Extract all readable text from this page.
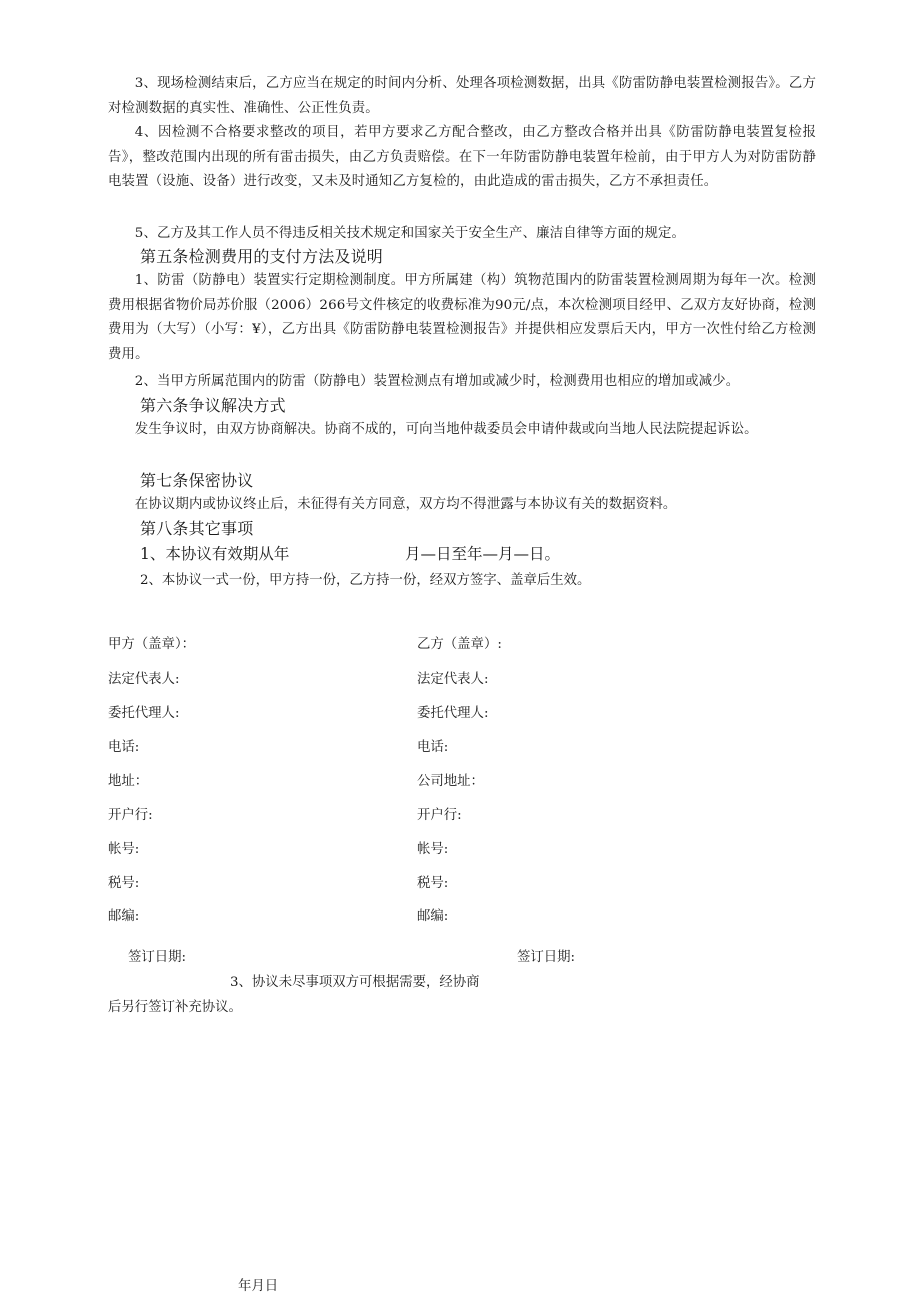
3、现场检测结束后，乙方应当在规定的时间内分析、处理各项检测数据，出具《防雷防静电装置检测报告》。乙方对检测数据的真实性、准确性、公正性负责。

4、因检测不合格要求整改的项目，若甲方要求乙方配合整改，由乙方整改合格并出具《防雷防静电装置复检报告》，整改范围内出现的所有雷击损失，由乙方负责赔偿。在下一年防雷防静电装置年检前，由于甲方人为对防雷防静电装置（设施、设备）进行改变，又未及时通知乙方复检的，由此造成的雷击损失，乙方不承担责任。

5、乙方及其工作人员不得违反相关技术规定和国家关于安全生产、廉洁自律等方面的规定。

第五条检测费用的支付方法及说明

1、防雷（防静电）装置实行定期检测制度。甲方所属建（构）筑物范围内的防雷装置检测周期为每年一次。检测费用根据省物价局苏价服（2006）266号文件核定的收费标准为90元/点，本次检测项目经甲、乙双方友好协商，检测费用为（大写）（小写：¥），乙方出具《防雷防静电装置检测报告》并提供相应发票后天内，甲方一次性付给乙方检测费用。

2、当甲方所属范围内的防雷（防静电）装置检测点有增加或减少时，检测费用也相应的增加或减少。

第六条争议解决方式

发生争议时，由双方协商解决。协商不成的，可向当地仲裁委员会申请仲裁或向当地人民法院提起诉讼。

第七条保密协议

在协议期内或协议终止后，未征得有关方同意，双方均不得泄露与本协议有关的数据资料。

第八条其它事项

1、本协议有效期从年	月—日至年—月—日。
2、本协议一式一份，甲方持一份，乙方持一份，经双方签字、盖章后生效。
甲方（盖章）：
法定代表人:
委托代理人:
电话:
地址：
开户行:
帐号:
税号:
邮编:
签订日期:
乙方（盖章）:
法定代表人:
委托代理人:
电话:
公司地址：
开户行:
帐号:
税号:
邮编:
签订日期:
3、协议未尽事项双方可根据需要，经协商
后另行签订补充协议。
年月日
